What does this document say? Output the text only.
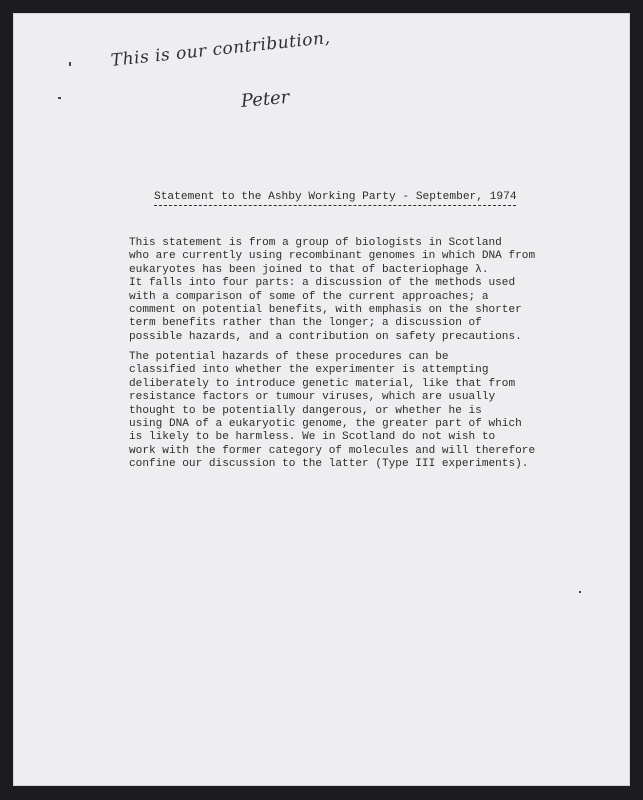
This is our contribution,
Peter
Statement to the Ashby Working Party - September, 1974

This statement is from a group of biologists in Scotland
who are currently using recombinant genomes in which DNA from
eukaryotes has been joined to that of bacteriophage λ.
It falls into four parts: a discussion of the methods used
with a comparison of some of the current approaches; a
comment on potential benefits, with emphasis on the shorter
term benefits rather than the longer; a discussion of
possible hazards, and a contribution on safety precautions.

The potential hazards of these procedures can be
classified into whether the experimenter is attempting
deliberately to introduce genetic material, like that from
resistance factors or tumour viruses, which are usually
thought to be potentially dangerous, or whether he is
using DNA of a eukaryotic genome, the greater part of which
is likely to be harmless. We in Scotland do not wish to
work with the former category of molecules and will therefore
confine our discussion to the latter (Type III experiments).
